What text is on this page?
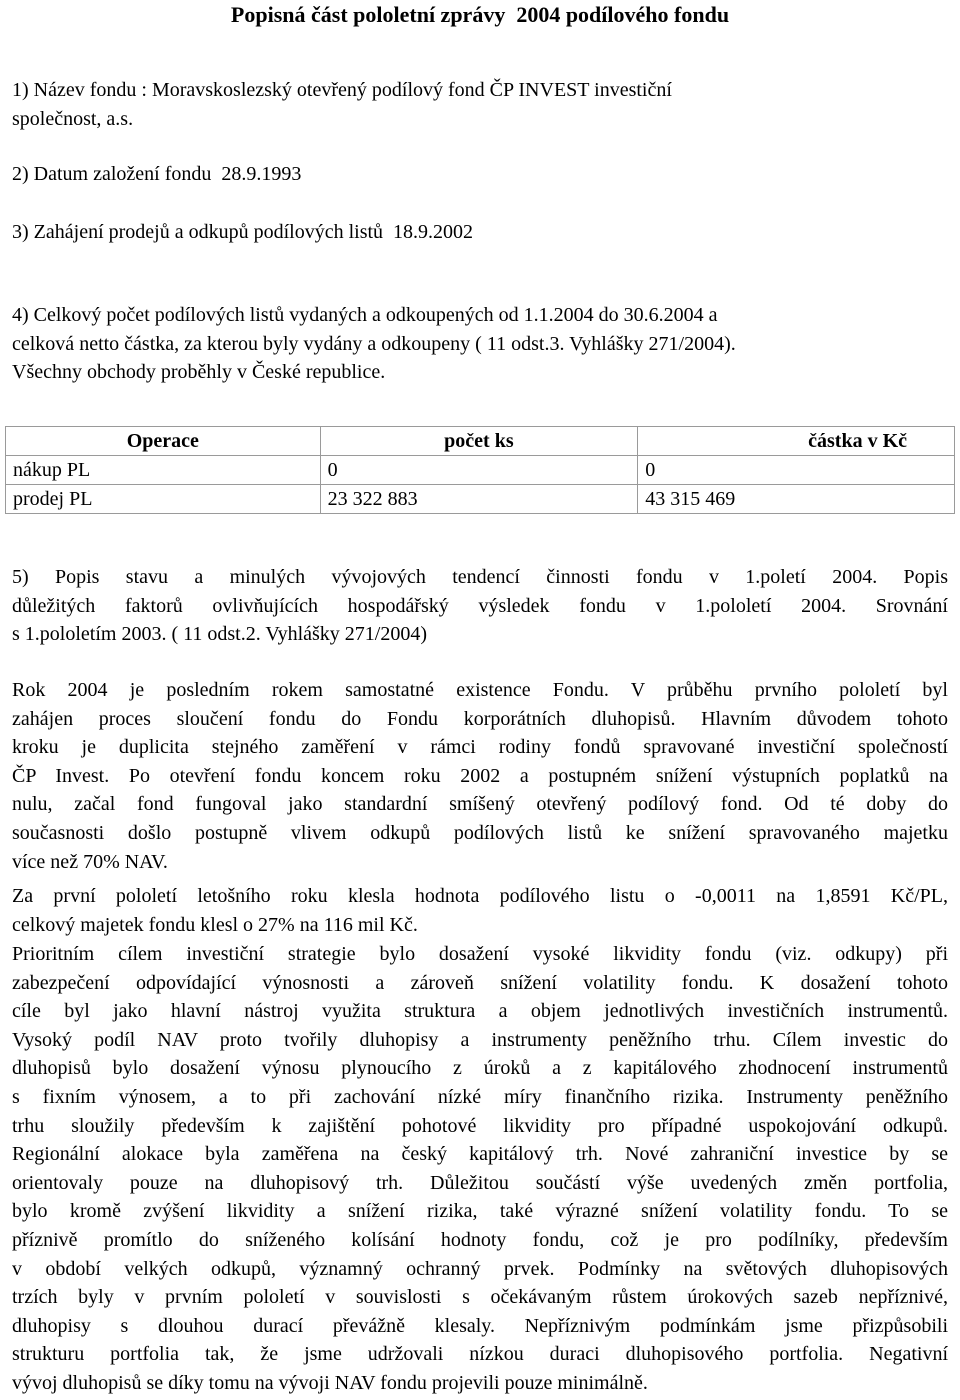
Popisná část pololetní zprávy  2004 podílového fondu
1) Název fondu : Moravskoslezský otevřený podílový fond ČP INVEST investiční
společnost, a.s.
2) Datum založení fondu  28.9.1993
3) Zahájení prodejů a odkupů podílových listů  18.9.2002
4) Celkový počet podílových listů vydaných a odkoupených od 1.1.2004 do 30.6.2004 a
celková netto částka, za kterou byly vydány a odkoupeny ( 11 odst.3. Vyhlášky 271/2004).
Všechny obchody proběhly v České republice.
Operace	počet ks	částka v Kč
nákup PL	0	0
prodej PL	23 322 883	43 315 469
5) Popis stavu a minulých vývojových tendencí činnosti fondu v 1.poletí 2004. Popis
důležitých faktorů ovlivňujících hospodářský výsledek fondu v 1.pololetí 2004. Srovnání
s 1.pololetím 2003. ( 11 odst.2. Vyhlášky 271/2004)
Rok 2004 je posledním rokem samostatné existence Fondu. V průběhu prvního pololetí byl
zahájen proces sloučení fondu do Fondu korporátních dluhopisů. Hlavním důvodem tohoto
kroku je duplicita stejného zaměření v rámci rodiny fondů spravované investiční společností
ČP Invest. Po otevření fondu koncem roku 2002 a postupném snížení výstupních poplatků na
nulu, začal fond fungoval jako standardní smíšený otevřený podílový fond. Od té doby do
současnosti došlo postupně vlivem odkupů podílových listů ke snížení spravovaného majetku
více než 70% NAV.
Za první pololetí letošního roku klesla hodnota podílového listu o -0,0011 na 1,8591 Kč/PL,
celkový majetek fondu klesl o 27% na 116 mil Kč.
Prioritním cílem investiční strategie bylo dosažení vysoké likvidity fondu (viz. odkupy) při
zabezpečení odpovídající výnosnosti a zároveň snížení volatility fondu. K dosažení tohoto
cíle byl jako hlavní nástroj využita struktura a objem jednotlivých investičních instrumentů.
Vysoký podíl NAV proto tvořily dluhopisy a instrumenty peněžního trhu. Cílem investic do
dluhopisů bylo dosažení výnosu plynoucího z úroků a z kapitálového zhodnocení instrumentů
s fixním výnosem, a to při zachování nízké míry finančního rizika. Instrumenty peněžního
trhu sloužily především k zajištění pohotové likvidity pro případné uspokojování odkupů.
Regionální alokace byla zaměřena na český kapitálový trh. Nové zahraniční investice by se
orientovaly pouze na dluhopisový trh. Důležitou součástí výše uvedených změn portfolia,
bylo kromě zvýšení likvidity a snížení rizika, také výrazné snížení volatility fondu. To se
příznivě promítlo do sníženého kolísání hodnoty fondu, což je pro podílníky, především
v období velkých odkupů, významný ochranný prvek. Podmínky na světových dluhopisových
trzích byly v prvním pololetí v souvislosti s očekávaným růstem úrokových sazeb nepříznivé,
dluhopisy s dlouhou durací převážně klesaly. Nepříznivým podmínkám jsme přizpůsobili
strukturu portfolia tak, že jsme udržovali nízkou duraci dluhopisového portfolia. Negativní
vývoj dluhopisů se díky tomu na vývoji NAV fondu projevili pouze minimálně.
